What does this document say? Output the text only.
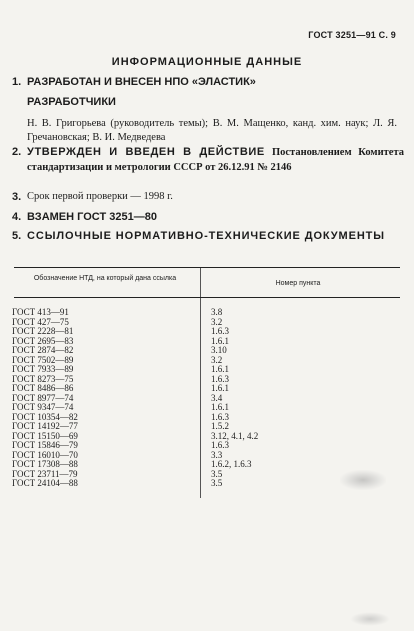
ГОСТ 3251—91 С. 9
ИНФОРМАЦИОННЫЕ ДАННЫЕ
1. РАЗРАБОТАН И ВНЕСЕН НПО «ЭЛАСТИК»
РАЗРАБОТЧИКИ
Н. В. Григорьева (руководитель темы); В. М. Мащенко, канд. хим. наук; Л. Я. Гречановская; В. И. Медведева
2. УТВЕРЖДЕН И ВВЕДЕН В ДЕЙСТВИЕ Постановлением Комитета стандартизации и метрологии СССР от 26.12.91 № 2146
3. Срок первой проверки — 1998 г.
4. ВЗАМЕН ГОСТ 3251—80
5. ССЫЛОЧНЫЕ НОРМАТИВНО-ТЕХНИЧЕСКИЕ ДОКУМЕНТЫ
Обозначение НТД, на который дана ссылка
Номер пункта
ГОСТ 413—91	3.8
ГОСТ 427—75	3.2
ГОСТ 2228—81	1.6.3
ГОСТ 2695—83	1.6.1
ГОСТ 2874—82	3.10
ГОСТ 7502—89	3.2
ГОСТ 7933—89	1.6.1
ГОСТ 8273—75	1.6.3
ГОСТ 8486—86	1.6.1
ГОСТ 8977—74	3.4
ГОСТ 9347—74	1.6.1
ГОСТ 10354—82	1.6.3
ГОСТ 14192—77	1.5.2
ГОСТ 15150—69	3.12, 4.1, 4.2
ГОСТ 15846—79	1.6.3
ГОСТ 16010—70	3.3
ГОСТ 17308—88	1.6.2, 1.6.3
ГОСТ 23711—79	3.5
ГОСТ 24104—88	3.5
